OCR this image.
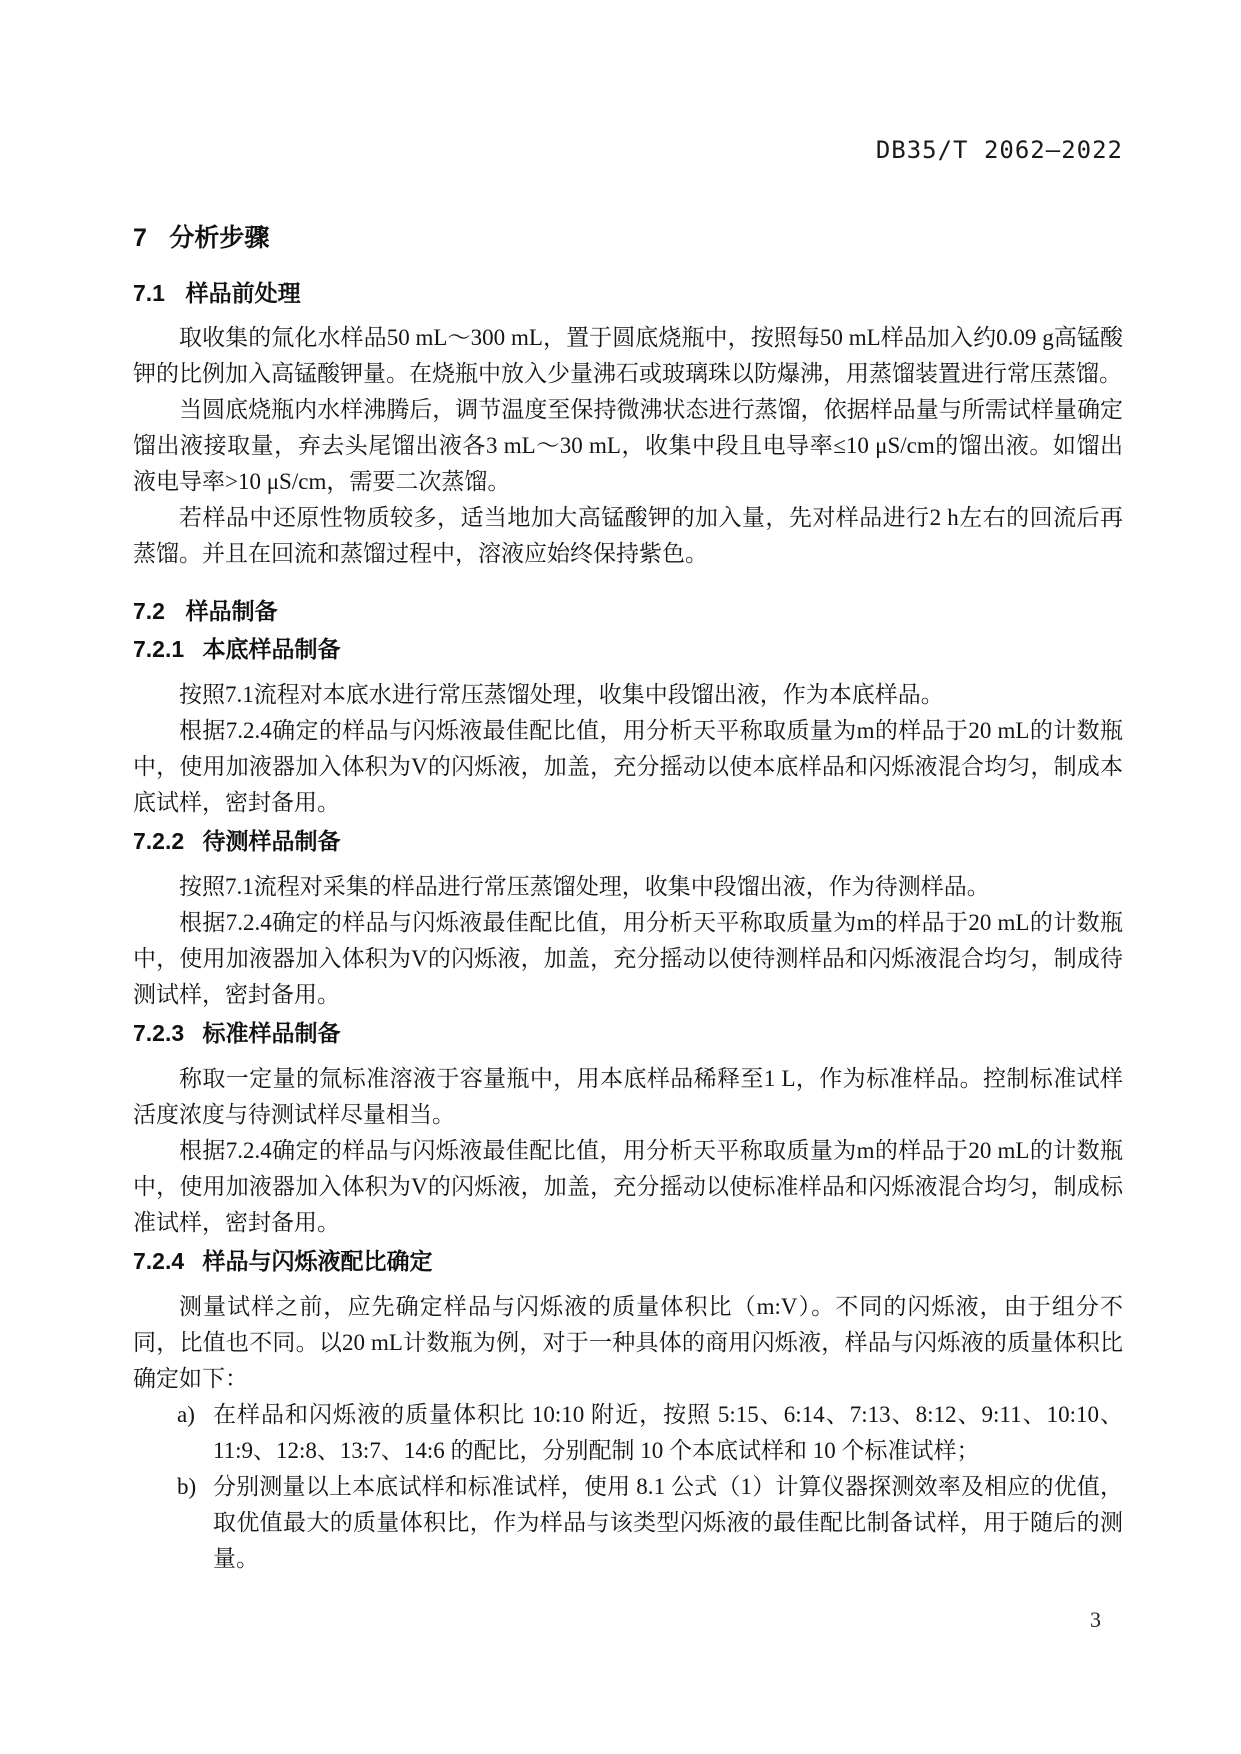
DB35/T 2062—2022
7 分析步骤
7.1 样品前处理

取收集的氚化水样品50 mL～300 mL，置于圆底烧瓶中，按照每50 mL样品加入约0.09 g高锰酸钾的比例加入高锰酸钾量。在烧瓶中放入少量沸石或玻璃珠以防爆沸，用蒸馏装置进行常压蒸馏。

当圆底烧瓶内水样沸腾后，调节温度至保持微沸状态进行蒸馏，依据样品量与所需试样量确定馏出液接取量，弃去头尾馏出液各3 mL～30 mL，收集中段且电导率≤10 μS/cm的馏出液。如馏出液电导率>10 μS/cm，需要二次蒸馏。

若样品中还原性物质较多，适当地加大高锰酸钾的加入量，先对样品进行2 h左右的回流后再蒸馏。并且在回流和蒸馏过程中，溶液应始终保持紫色。

7.2 样品制备
7.2.1 本底样品制备

按照7.1流程对本底水进行常压蒸馏处理，收集中段馏出液，作为本底样品。

根据7.2.4确定的样品与闪烁液最佳配比值，用分析天平称取质量为m的样品于20 mL的计数瓶中，使用加液器加入体积为V的闪烁液，加盖，充分摇动以使本底样品和闪烁液混合均匀，制成本底试样，密封备用。

7.2.2 待测样品制备

按照7.1流程对采集的样品进行常压蒸馏处理，收集中段馏出液，作为待测样品。

根据7.2.4确定的样品与闪烁液最佳配比值，用分析天平称取质量为m的样品于20 mL的计数瓶中，使用加液器加入体积为V的闪烁液，加盖，充分摇动以使待测样品和闪烁液混合均匀，制成待测试样，密封备用。

7.2.3 标准样品制备

称取一定量的氚标准溶液于容量瓶中，用本底样品稀释至1 L，作为标准样品。控制标准试样活度浓度与待测试样尽量相当。

根据7.2.4确定的样品与闪烁液最佳配比值，用分析天平称取质量为m的样品于20 mL的计数瓶中，使用加液器加入体积为V的闪烁液，加盖，充分摇动以使标准样品和闪烁液混合均匀，制成标准试样，密封备用。

7.2.4 样品与闪烁液配比确定

测量试样之前，应先确定样品与闪烁液的质量体积比（m:V）。不同的闪烁液，由于组分不同，比值也不同。以20 mL计数瓶为例，对于一种具体的商用闪烁液，样品与闪烁液的质量体积比确定如下：

a) 在样品和闪烁液的质量体积比 10:10 附近，按照 5:15、6:14、7:13、8:12、9:11、10:10、11:9、12:8、13:7、14:6 的配比，分别配制 10 个本底试样和 10 个标准试样；
b) 分别测量以上本底试样和标准试样，使用 8.1 公式（1）计算仪器探测效率及相应的优值，取优值最大的质量体积比，作为样品与该类型闪烁液的最佳配比制备试样，用于随后的测量。
3
